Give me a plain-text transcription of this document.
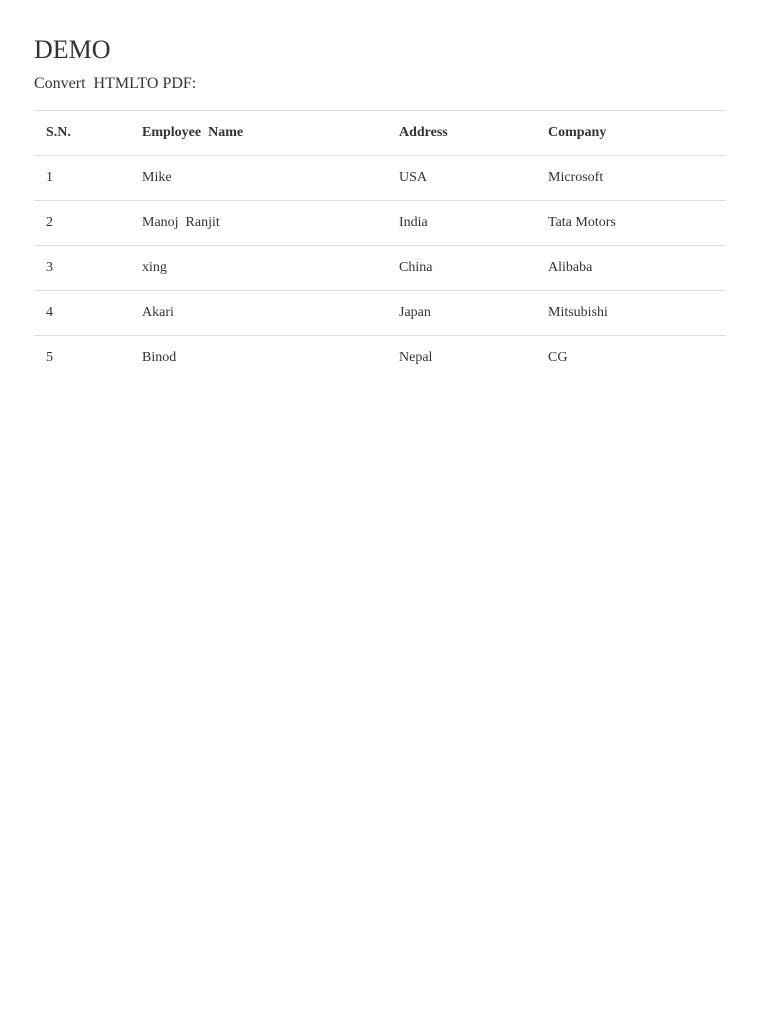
DEMO

Convert  HTMLTO PDF:

S.N.	Employee  Name	Address	Company
1	Mike	USA	Microsoft
2	Manoj  Ranjit	India	Tata Motors
3	xing	China	Alibaba
4	Akari	Japan	Mitsubishi
5	Binod	Nepal	CG
